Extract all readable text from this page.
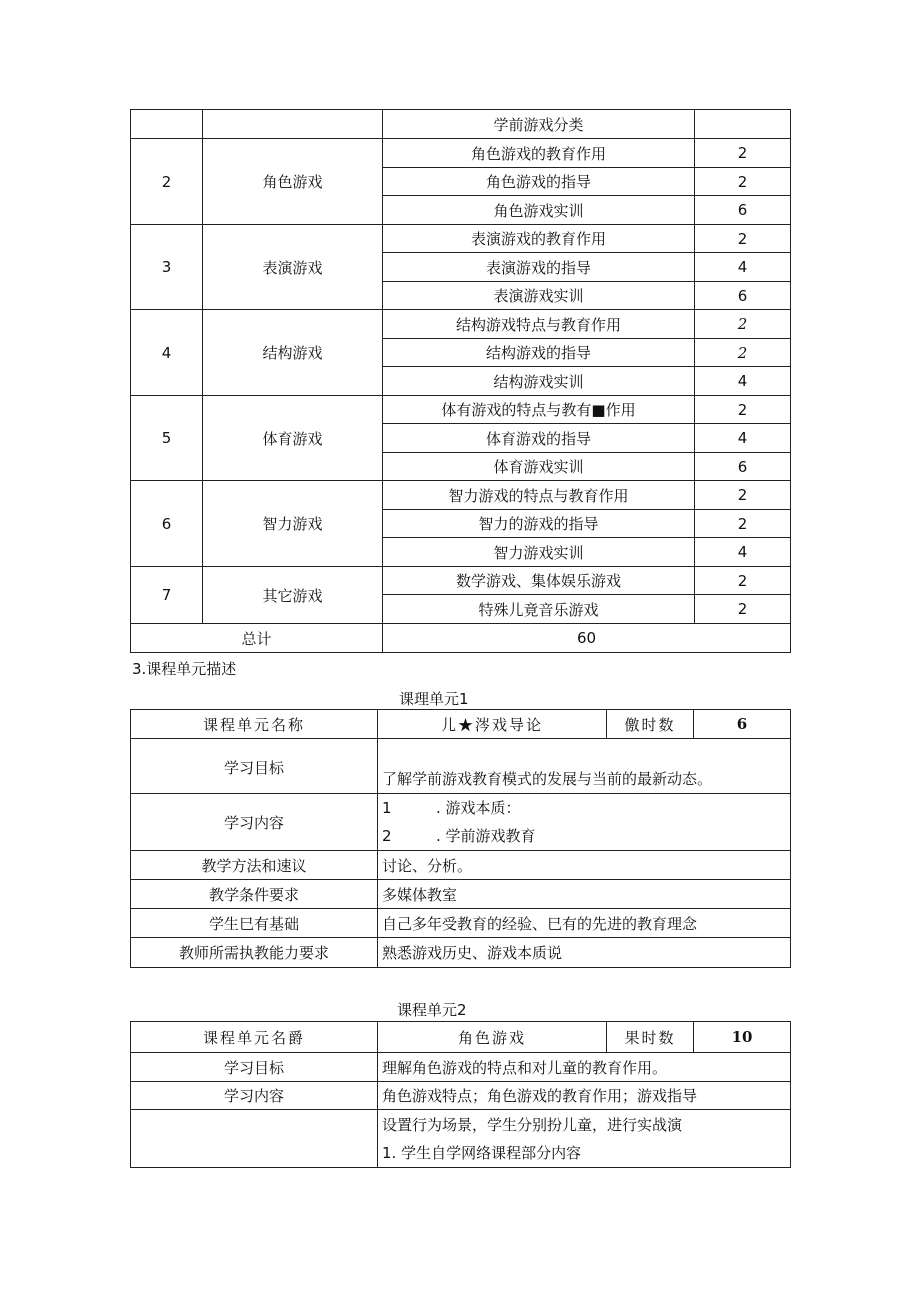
		学前游戏分类	
2	角色游戏	角色游戏的教育作用	2
		角色游戏的指导	2
		角色游戏实训	6
3	表演游戏	表演游戏的教育作用	2
		表演游戏的指导	4
		表演游戏实训	6
4	结构游戏	结构游戏特点与教育作用	2
		结构游戏的指导	2
		结构游戏实训	4
5	体育游戏	体有游戏的特点与教有■作用	2
		体育游戏的指导	4
		体育游戏实训	6
6	智力游戏	智力游戏的特点与教育作用	2
		智力的游戏的指导	2
		智力游戏实训	4
7	其它游戏	数学游戏、集体娱乐游戏	2
		特殊儿竟音乐游戏	2
总计		60	
3.课程单元描述
课理单元1
课程单元名称	儿★涔戏导论	儌时数	6
学习目标	了解学前游戏教育模式的发展与当前的最新动态。		
学习内容	1 . 游戏本质：
2 . 学前游戏教育		

教学方法和速议	讨论、分析。		
教学条件要求	多媒体教室		
学生巳有基础	自己多年受教育的经验、巳有的先进的教育理念		
教师所需执教能力要求	熟悉游戏历史、游戏本质说		
课程单元2
课程单元名爵	角色游戏	果时数	10
学习目标	理解角色游戏的特点和对儿童的教育作用。		
学习内容	角色游戏特点；角色游戏的教育作用；游戏指导		

	设置行为场景，学生分别扮儿童，进行实战演
1. 学生自学网络课程部分内容		
